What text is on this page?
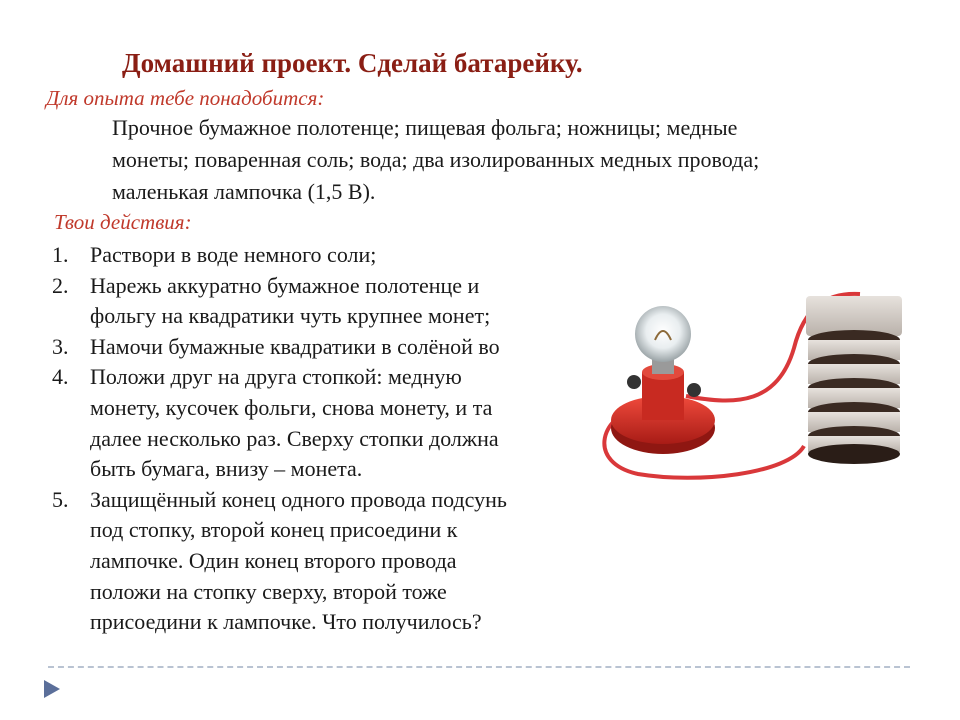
Домашний проект. Сделай батарейку.
Для опыта тебе понадобится:
Прочное бумажное полотенце; пищевая фольга; ножницы; медные
монеты; поваренная соль; вода; два изолированных медных провода;
маленькая лампочка (1,5 В).
Твои действия:
1. Раствори в воде немного соли;
2. Нарежь аккуратно бумажное полотенце и
фольгу на квадратики чуть крупнее монет;
3. Намочи бумажные квадратики в солёной во
4. Положи друг на друга стопкой: медную
монету, кусочек фольги, снова монету, и та
далее несколько раз. Сверху стопки должна
быть бумага, внизу – монета.
5. Защищённый конец одного провода подсунь
под стопку, второй конец присоедини к
лампочке. Один конец второго провода
положи на стопку сверху, второй тоже
присоедини к лампочке. Что получилось?
